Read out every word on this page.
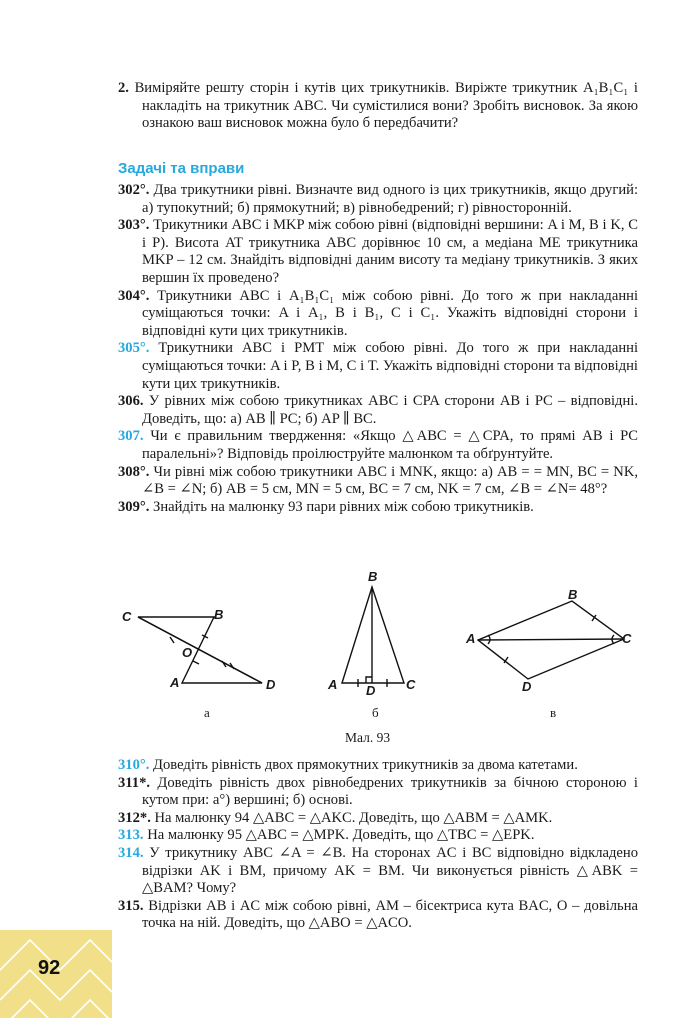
2. Виміряйте решту сторін і кутів цих трикутників. Виріжте трикутник A₁B₁C₁ і накладіть на трикутник ABC. Чи сумістилися вони? Зробіть висновок. За якою ознакою ваш висновок можна було б передбачити?
Задачі та вправи
302°. Два трикутники рівні. Визначте вид одного із цих трикутників, якщо другий: а) тупокутний; б) прямокутний; в) рівнобедрений; г) рівносторонній.
303°. Трикутники ABC і MKP між собою рівні (відповідні вершини: A і M, B і K, C і P). Висота AT трикутника ABC дорівнює 10 см, а медіана ME трикутника MKP – 12 см. Знайдіть відповідні даним висоту та медіану трикутників. З яких вершин їх проведено?
304°. Трикутники ABC і A₁B₁C₁ між собою рівні. До того ж при накладанні суміщаються точки: A і A₁, B і B₁, C і C₁. Укажіть відповідні сторони і відповідні кути цих трикутників.
305°. Трикутники ABC і PMT між собою рівні. До того ж при накладанні суміщаються точки: A і P, B і M, C і T. Укажіть відповідні сторони та відповідні кути цих трикутників.
306. У рівних між собою трикутниках ABC і CPA сторони AB і PC – відповідні. Доведіть, що: а) AB ∥ PC; б) AP ∥ BC.
307. Чи є правильним твердження: «Якщо △ABC = △CPA, то прямі AB і PC паралельні»? Відповідь проілюструйте малюнком та обґрунтуйте.
308°. Чи рівні між собою трикутники ABC і MNK, якщо: а) AB = = MN, BC = NK, ∠B = ∠N; б) AB = 5 см, MN = 5 см, BC = 7 см, NK = 7 см, ∠B = ∠N= 48°?
309°. Знайдіть на малюнку 93 пари рівних між собою трикутників.
C	B
O
A	D
B
A D C
A
B
C
D
а	б	в
Мал. 93
310°. Доведіть рівність двох прямокутних трикутників за двома катетами.
311*. Доведіть рівність двох рівнобедрених трикутників за бічною стороною і кутом при: а°) вершині; б) основі.
312*. На малюнку 94 △ABC = △AKC. Доведіть, що △ABM = △AMK.
313. На малюнку 95 △ABC = △MPK. Доведіть, що △TBC = △EPK.
314. У трикутнику ABC ∠A = ∠B. На сторонах AC і BC відповідно відкладено відрізки AK і BM, причому AK = BM. Чи виконується рівність △ABK = △BAM? Чому?
315. Відрізки AB і AC між собою рівні, AM – бісектриса кута BAC, O – довільна точка на ній. Доведіть, що △ABO = △ACO.
92
